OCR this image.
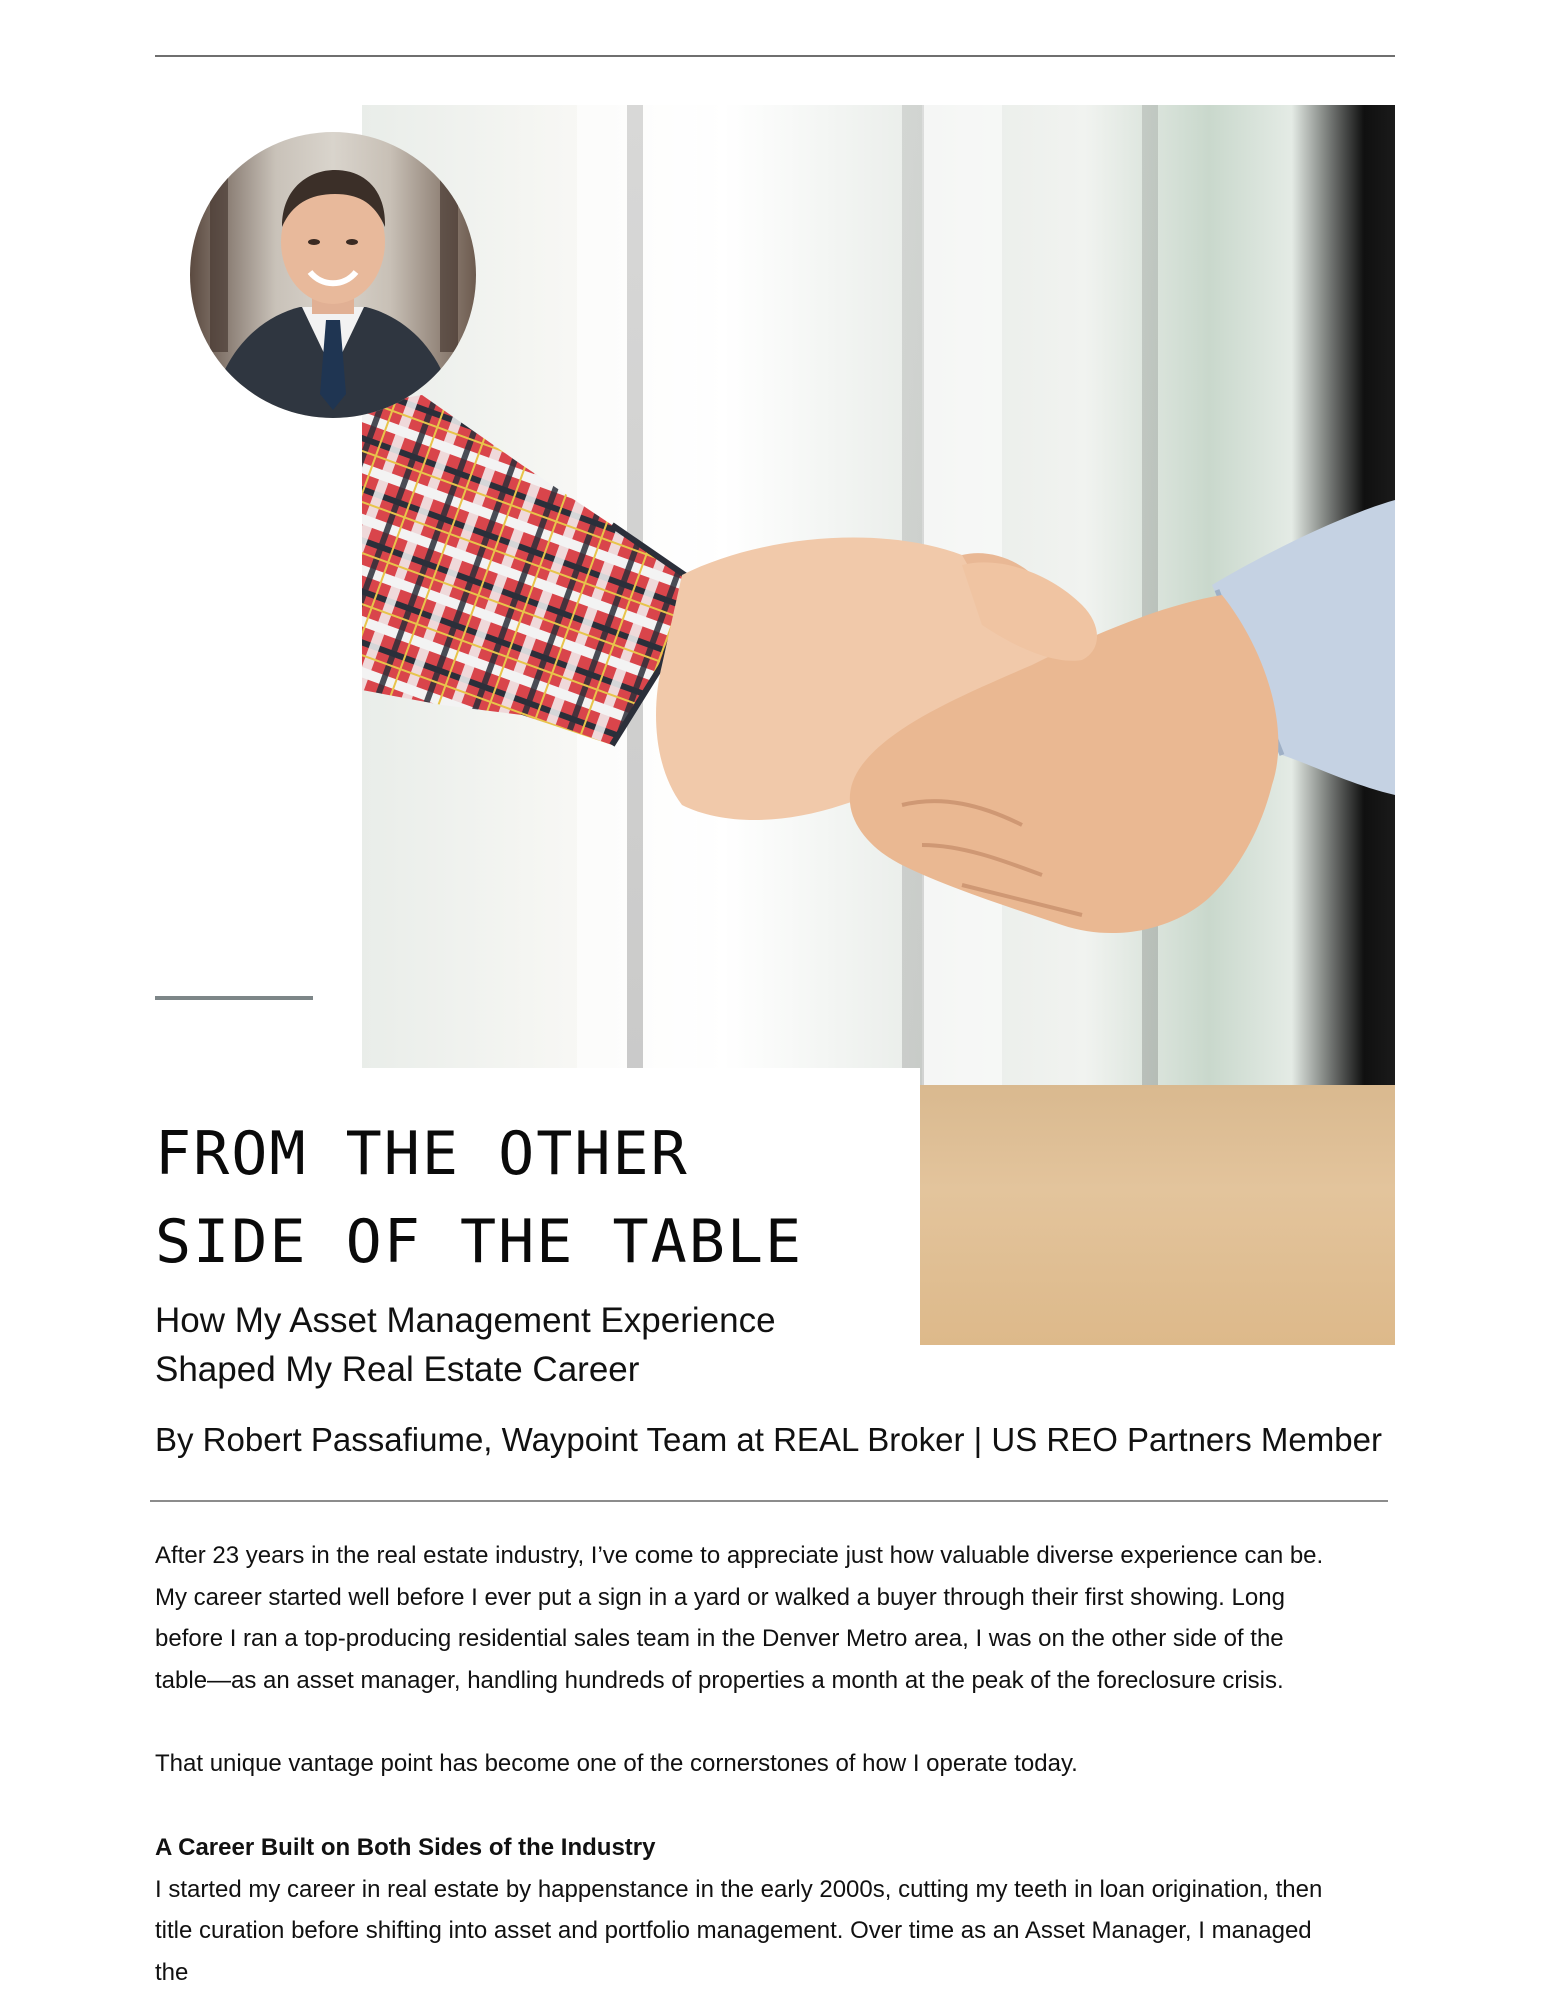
FROM THE OTHER
SIDE OF THE TABLE
How My Asset Management Experience
Shaped My Real Estate Career

By Robert Passafiume, Waypoint Team at REAL Broker | US REO Partners Member

After 23 years in the real estate industry, I’ve come to appreciate just how valuable diverse experience can be.
My career started well before I ever put a sign in a yard or walked a buyer through their first showing. Long
before I ran a top-producing residential sales team in the Denver Metro area, I was on the other side of the
table—as an asset manager, handling hundreds of properties a month at the peak of the foreclosure crisis.
That unique vantage point has become one of the cornerstones of how I operate today.
A Career Built on Both Sides of the Industry
I started my career in real estate by happenstance in the early 2000s, cutting my teeth in loan origination, then
title curation before shifting into asset and portfolio management. Over time as an Asset Manager, I managed
the
